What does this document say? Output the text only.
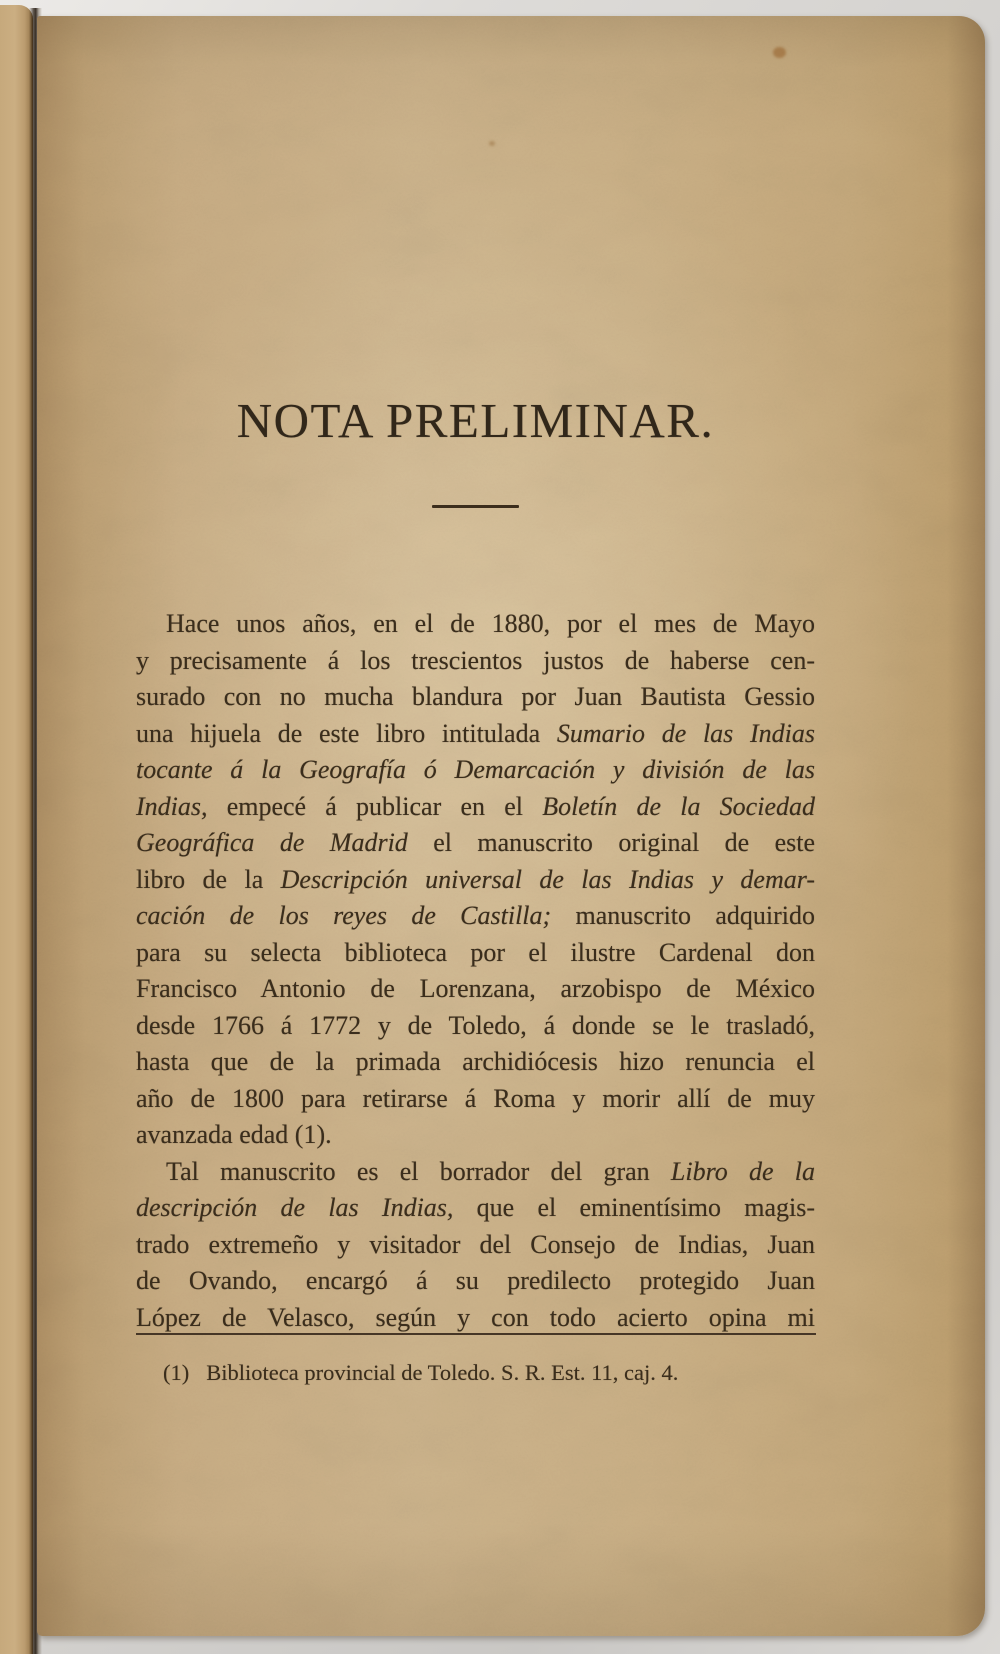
NOTA PRELIMINAR.
Hace unos años, en el de 1880, por el mes de Mayo
y precisamente á los trescientos justos de haberse cen-
surado con no mucha blandura por Juan Bautista Gessio
una hijuela de este libro intitulada Sumario de las Indias
tocante á la Geografía ó Demarcación y división de las
Indias, empecé á publicar en el Boletín de la Sociedad
Geográfica de Madrid el manuscrito original de este
libro de la Descripción universal de las Indias y demar-
cación de los reyes de Castilla; manuscrito adquirido
para su selecta biblioteca por el ilustre Cardenal don
Francisco Antonio de Lorenzana, arzobispo de México
desde 1766 á 1772 y de Toledo, á donde se le trasladó,
hasta que de la primada archidiócesis hizo renuncia el
año de 1800 para retirarse á Roma y morir allí de muy
avanzada edad (1).
Tal manuscrito es el borrador del gran Libro de la
descripción de las Indias, que el eminentísimo magis-
trado extremeño y visitador del Consejo de Indias, Juan
de Ovando, encargó á su predilecto protegido Juan
López de Velasco, según y con todo acierto opina mi
(1) Biblioteca provincial de Toledo. S. R. Est. 11, caj. 4.
